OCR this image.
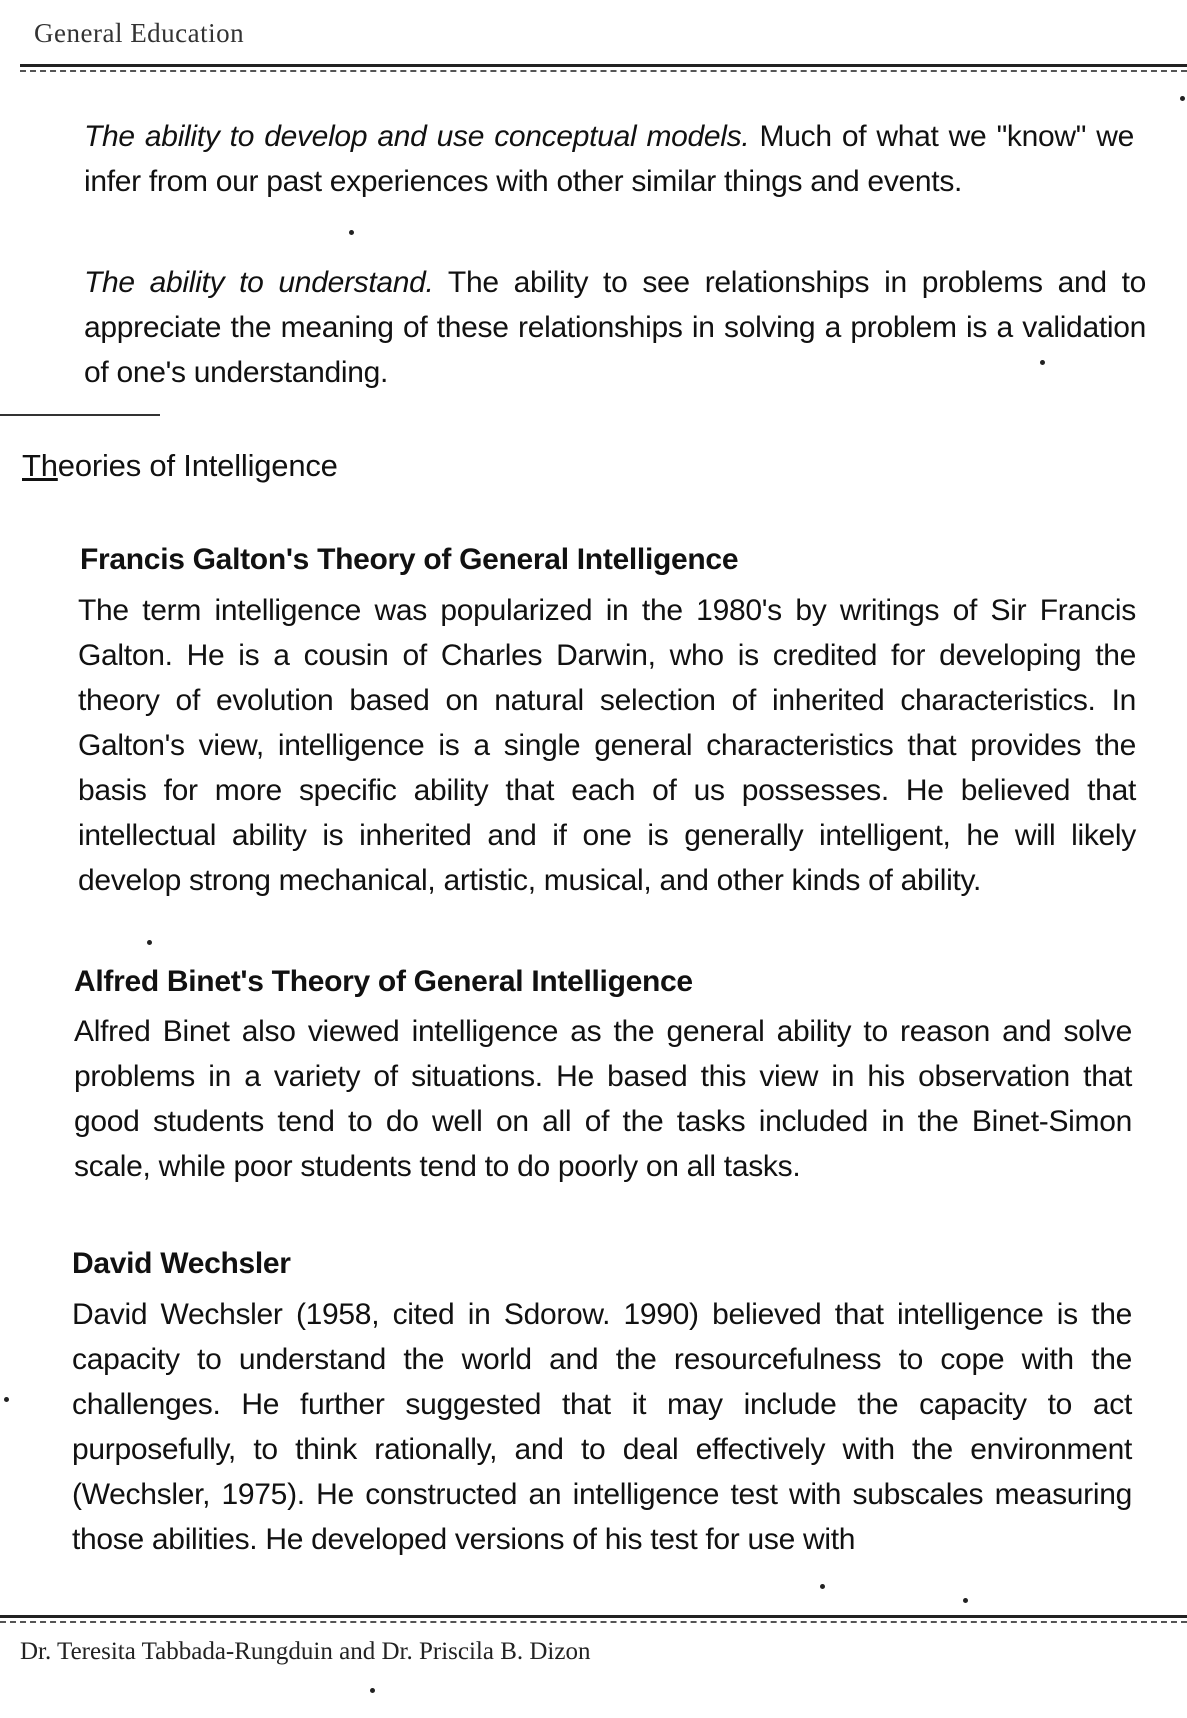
General Education

The ability to develop and use conceptual models. Much of what we "know" we infer from our past experiences with other similar things and events.

The ability to understand. The ability to see relationships in problems and to appreciate the meaning of these relationships in solving a problem is a validation of one's understanding.

Theories of Intelligence
Francis Galton's Theory of General Intelligence

The term intelligence was popularized in the 1980's by writings of Sir Francis Galton. He is a cousin of Charles Darwin, who is credited for developing the theory of evolution based on natural selection of inherited characteristics. In Galton's view, intelligence is a single general characteristics that provides the basis for more specific ability that each of us possesses. He believed that intellectual ability is inherited and if one is generally intelligent, he will likely develop strong mechanical, artistic, musical, and other kinds of ability.

Alfred Binet's Theory of General Intelligence

Alfred Binet also viewed intelligence as the general ability to reason and solve problems in a variety of situations. He based this view in his observation that good students tend to do well on all of the tasks included in the Binet-Simon scale, while poor students tend to do poorly on all tasks.

David Wechsler

David Wechsler (1958, cited in Sdorow. 1990) believed that intelligence is the capacity to understand the world and the resourcefulness to cope with the challenges. He further suggested that it may include the capacity to act purposefully, to think rationally, and to deal effectively with the environment (Wechsler, 1975). He constructed an intelligence test with subscales measuring those abilities. He developed versions of his test for use with

Dr. Teresita Tabbada-Rungduin and Dr. Priscila B. Dizon
